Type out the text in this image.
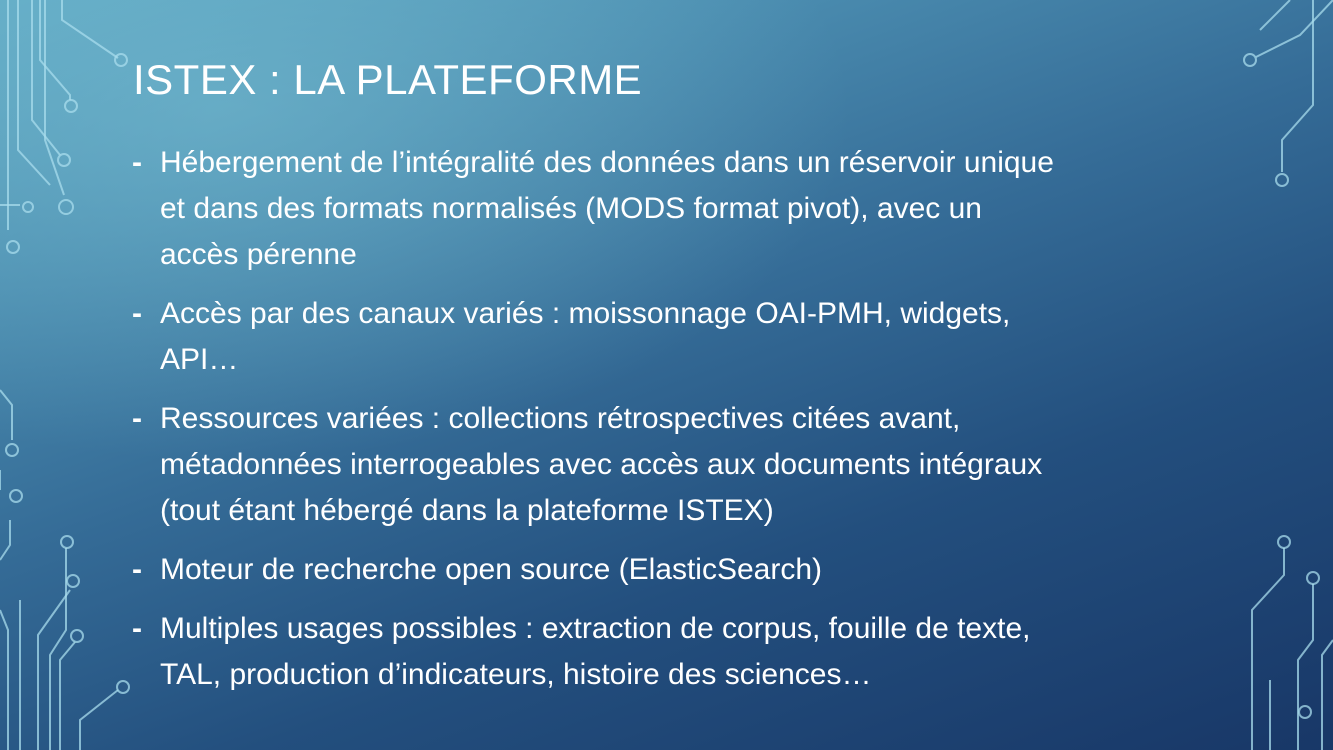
ISTEX : LA PLATEFORME
- Hébergement de l’intégralité des données dans un réservoir unique
et dans des formats normalisés (MODS format pivot), avec un
accès pérenne
- Accès par des canaux variés : moissonnage OAI-PMH, widgets,
API…
- Ressources variées : collections rétrospectives citées avant,
métadonnées interrogeables avec accès aux documents intégraux
(tout étant hébergé dans la plateforme ISTEX)
- Moteur de recherche open source (ElasticSearch)
- Multiples usages possibles : extraction de corpus, fouille de texte,
TAL, production d’indicateurs, histoire des sciences…
